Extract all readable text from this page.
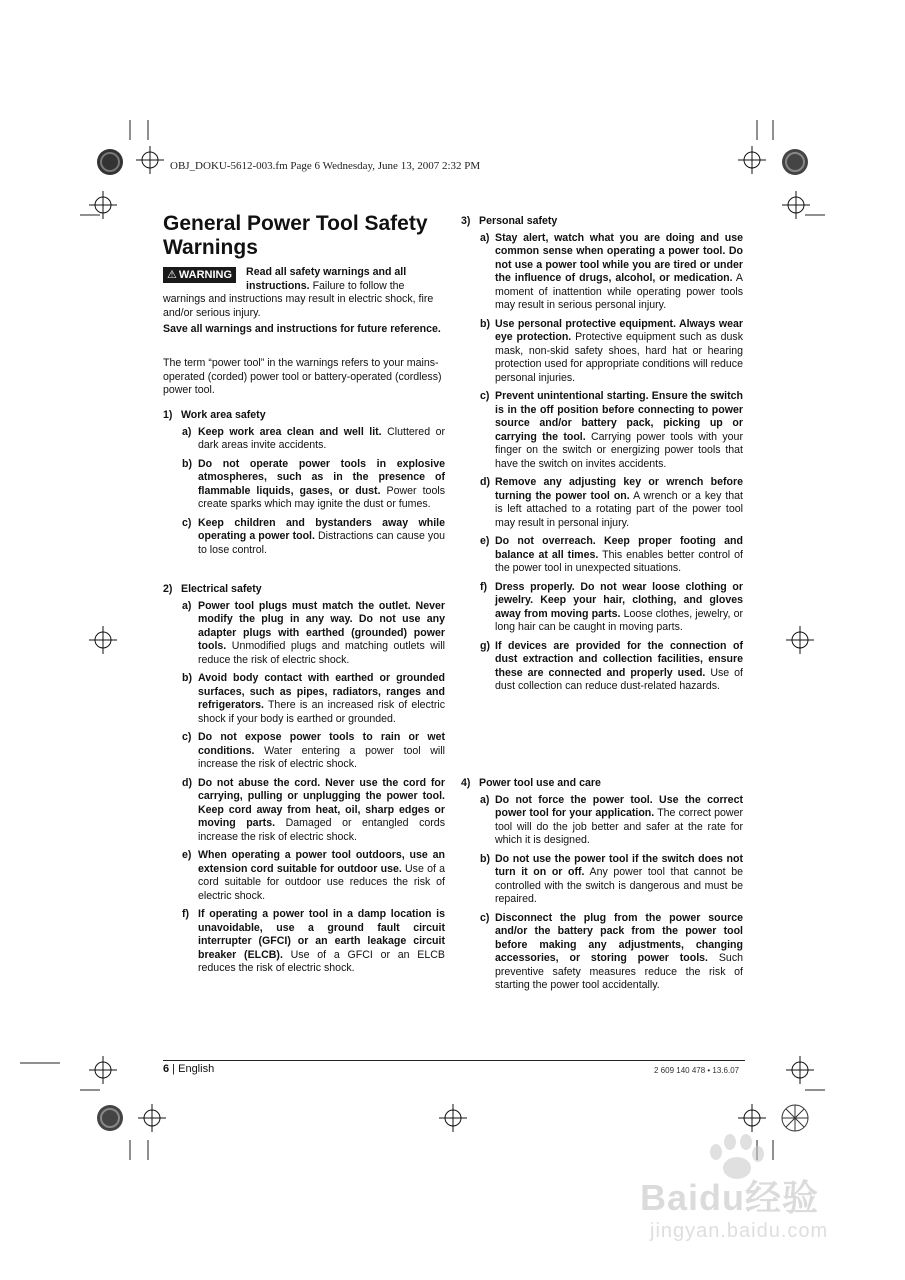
OBJ_DOKU-5612-003.fm Page 6 Wednesday, June 13, 2007 2:32 PM
General Power Tool Safety Warnings
⚠ WARNING	Read all safety warnings and all instructions. Failure to follow the warnings and instructions may result in electric shock, fire and/or serious injury.
Save all warnings and instructions for future reference.
The term “power tool” in the warnings refers to your mains-operated (corded) power tool or battery-operated (cordless) power tool.
1) Work area safety
a) Keep work area clean and well lit. Cluttered or dark areas invite accidents.
b) Do not operate power tools in explosive atmospheres, such as in the presence of flammable liquids, gases, or dust. Power tools create sparks which may ignite the dust or fumes.
c) Keep children and bystanders away while operating a power tool. Distractions can cause you to lose control.
2) Electrical safety
a) Power tool plugs must match the outlet. Never modify the plug in any way. Do not use any adapter plugs with earthed (grounded) power tools. Unmodified plugs and matching outlets will reduce the risk of electric shock.
b) Avoid body contact with earthed or grounded surfaces, such as pipes, radiators, ranges and refrigerators. There is an increased risk of electric shock if your body is earthed or grounded.
c) Do not expose power tools to rain or wet conditions. Water entering a power tool will increase the risk of electric shock.
d) Do not abuse the cord. Never use the cord for carrying, pulling or unplugging the power tool. Keep cord away from heat, oil, sharp edges or moving parts. Damaged or entangled cords increase the risk of electric shock.
e) When operating a power tool outdoors, use an extension cord suitable for outdoor use. Use of a cord suitable for outdoor use reduces the risk of electric shock.
f) If operating a power tool in a damp location is unavoidable, use a ground fault circuit interrupter (GFCI) or an earth leakage circuit breaker (ELCB). Use of a GFCI or an ELCB reduces the risk of electric shock.
3) Personal safety
a) Stay alert, watch what you are doing and use common sense when operating a power tool. Do not use a power tool while you are tired or under the influence of drugs, alcohol, or medication. A moment of inattention while operating power tools may result in serious personal injury.
b) Use personal protective equipment. Always wear eye protection. Protective equipment such as dusk mask, non-skid safety shoes, hard hat or hearing protection used for appropriate conditions will reduce personal injuries.
c) Prevent unintentional starting. Ensure the switch is in the off position before connecting to power source and/or battery pack, picking up or carrying the tool. Carrying power tools with your finger on the switch or energizing power tools that have the switch on invites accidents.
d) Remove any adjusting key or wrench before turning the power tool on. A wrench or a key that is left attached to a rotating part of the power tool may result in personal injury.
e) Do not overreach. Keep proper footing and balance at all times. This enables better control of the power tool in unexpected situations.
f) Dress properly. Do not wear loose clothing or jewelry. Keep your hair, clothing, and gloves away from moving parts. Loose clothes, jewelry, or long hair can be caught in moving parts.
g) If devices are provided for the connection of dust extraction and collection facilities, ensure these are connected and properly used. Use of dust collection can reduce dust-related hazards.
4) Power tool use and care
a) Do not force the power tool. Use the correct power tool for your application. The correct power tool will do the job better and safer at the rate for which it is designed.
b) Do not use the power tool if the switch does not turn it on or off. Any power tool that cannot be controlled with the switch is dangerous and must be repaired.
c) Disconnect the plug from the power source and/or the battery pack from the power tool before making any adjustments, changing accessories, or storing power tools. Such preventive safety measures reduce the risk of starting the power tool accidentally.
6 | English	2 609 140 478 • 13.6.07
Baidu经验
jingyan.baidu.com
